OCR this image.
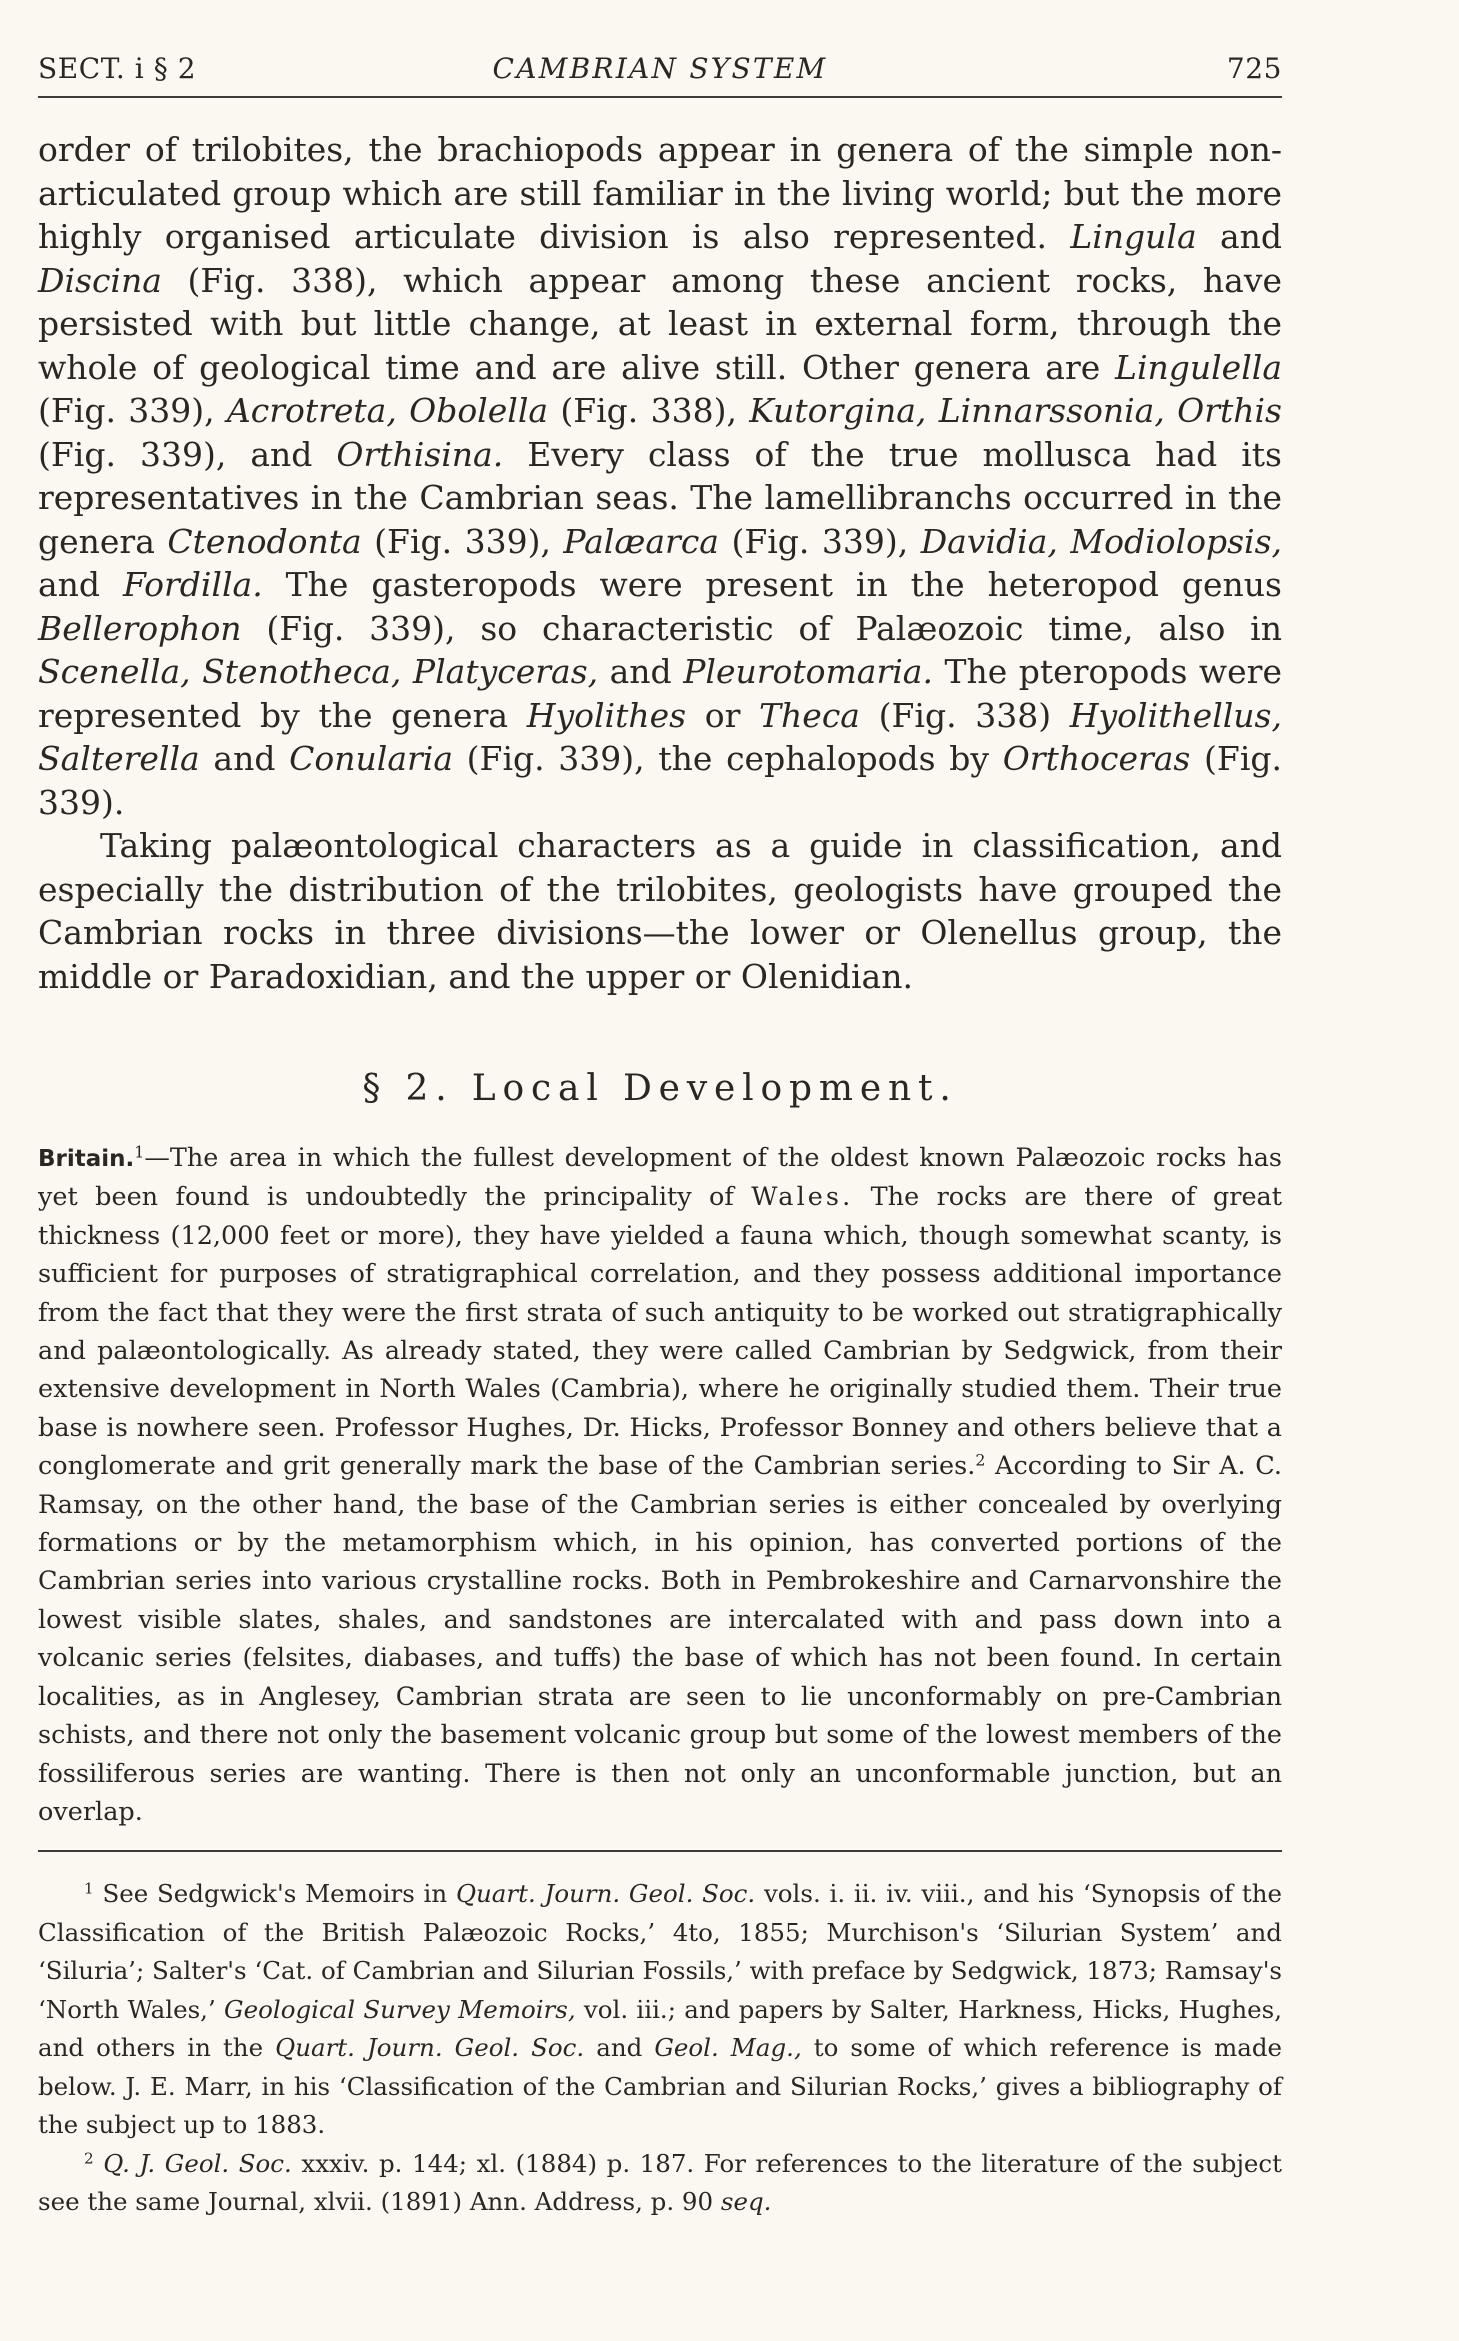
SECT. i § 2	CAMBRIAN SYSTEM	725

order of trilobites, the brachiopods appear in genera of the simple non-articulated group which are still familiar in the living world; but the more highly organised articulate division is also represented. Lingula and Discina (Fig. 338), which appear among these ancient rocks, have persisted with but little change, at least in external form, through the whole of geological time and are alive still. Other genera are Lingulella (Fig. 339), Acrotreta, Obolella (Fig. 338), Kutorgina, Linnarssonia, Orthis (Fig. 339), and Orthisina. Every class of the true mollusca had its representatives in the Cambrian seas. The lamellibranchs occurred in the genera Ctenodonta (Fig. 339), Palæarca (Fig. 339), Davidia, Modiolopsis, and Fordilla. The gasteropods were present in the heteropod genus Bellerophon (Fig. 339), so characteristic of Palæozoic time, also in Scenella, Stenotheca, Platyceras, and Pleurotomaria. The pteropods were represented by the genera Hyolithes or Theca (Fig. 338) Hyolithellus, Salterella and Conularia (Fig. 339), the cephalopods by Orthoceras (Fig. 339).

Taking palæontological characters as a guide in classification, and especially the distribution of the trilobites, geologists have grouped the Cambrian rocks in three divisions—the lower or Olenellus group, the middle or Paradoxidian, and the upper or Olenidian.

§ 2. Local Development.

Britain.$^1$—The area in which the fullest development of the oldest known Palæozoic rocks has yet been found is undoubtedly the principality of Wales. The rocks are there of great thickness (12,000 feet or more), they have yielded a fauna which, though somewhat scanty, is sufficient for purposes of stratigraphical correlation, and they possess additional importance from the fact that they were the first strata of such antiquity to be worked out stratigraphically and palæontologically. As already stated, they were called Cambrian by Sedgwick, from their extensive development in North Wales (Cambria), where he originally studied them. Their true base is nowhere seen. Professor Hughes, Dr. Hicks, Professor Bonney and others believe that a conglomerate and grit generally mark the base of the Cambrian series.$^2$ According to Sir A. C. Ramsay, on the other hand, the base of the Cambrian series is either concealed by overlying formations or by the metamorphism which, in his opinion, has converted portions of the Cambrian series into various crystalline rocks. Both in Pembrokeshire and Carnarvonshire the lowest visible slates, shales, and sandstones are intercalated with and pass down into a volcanic series (felsites, diabases, and tuffs) the base of which has not been found. In certain localities, as in Anglesey, Cambrian strata are seen to lie unconformably on pre-Cambrian schists, and there not only the basement volcanic group but some of the lowest members of the fossiliferous series are wanting. There is then not only an unconformable junction, but an overlap.

$^1$ See Sedgwick's Memoirs in Quart. Journ. Geol. Soc. vols. i. ii. iv. viii., and his ‘Synopsis of the Classification of the British Palæozoic Rocks,’ 4to, 1855; Murchison's ‘Silurian System’ and ‘Siluria’; Salter's ‘Cat. of Cambrian and Silurian Fossils,’ with preface by Sedgwick, 1873; Ramsay's ‘North Wales,’ Geological Survey Memoirs, vol. iii.; and papers by Salter, Harkness, Hicks, Hughes, and others in the Quart. Journ. Geol. Soc. and Geol. Mag., to some of which reference is made below. J. E. Marr, in his ‘Classification of the Cambrian and Silurian Rocks,’ gives a bibliography of the subject up to 1883.

$^2$ Q. J. Geol. Soc. xxxiv. p. 144; xl. (1884) p. 187. For references to the literature of the subject see the same Journal, xlvii. (1891) Ann. Address, p. 90 seq.
